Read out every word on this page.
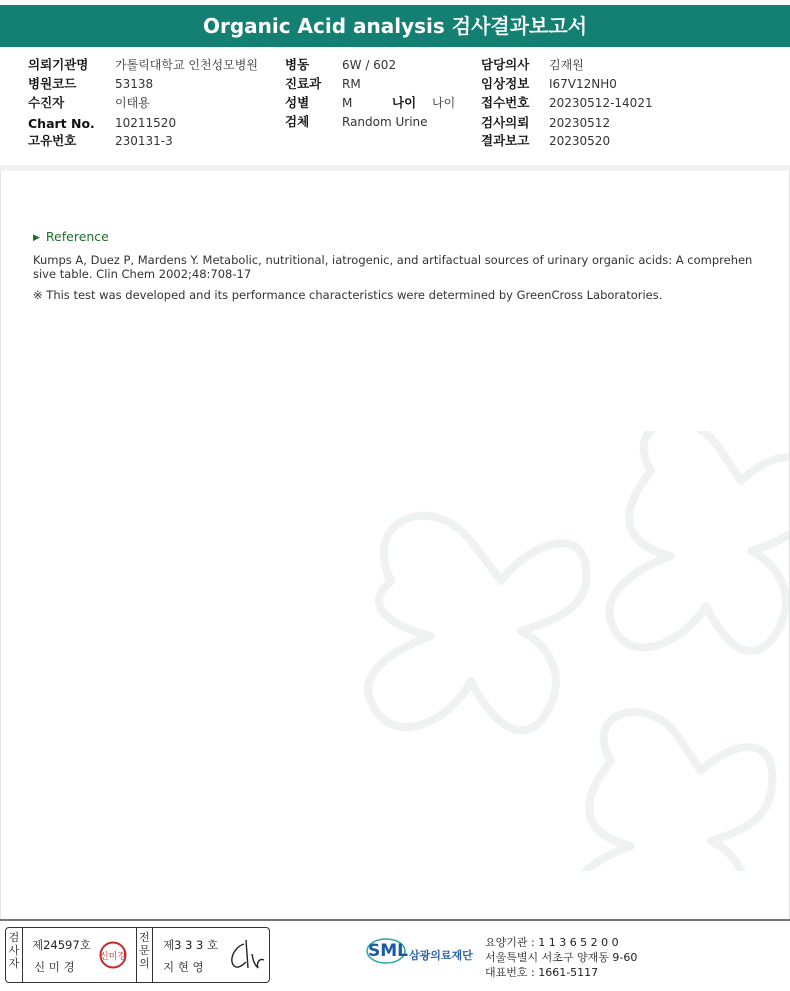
Organic Acid analysis 검사결과보고서
의뢰기관명 가톨릭대학교 인천성모병원
병원코드	53138
수진자	이태용
Chart No. 10211520
고유번호	230131-3
병동	6W / 602
진료과 RM
성별	M	나이 나이
검체	Random Urine
담당의사 김재원
임상정보 I67V12NH0
접수번호 20230512-14021
검사의뢰 20230512
결과보고 20230520
▶ Reference
Kumps A, Duez P, Mardens Y. Metabolic, nutritional, iatrogenic, and artifactual sources of urinary organic acids: A comprehensive table. Clin Chem 2002;48:708-17
※ This test was developed and its performance characteristics were determined by GreenCross Laboratories.
검사자
제24597호
신 미 경
신미경
전문의
제3 3 3 호
지 현 영
SML 삼광의료재단
요양기관 : 1 1 3 6 5 2 0 0
서울특별시 서초구 양재동 9-60
대표번호 : 1661-5117
